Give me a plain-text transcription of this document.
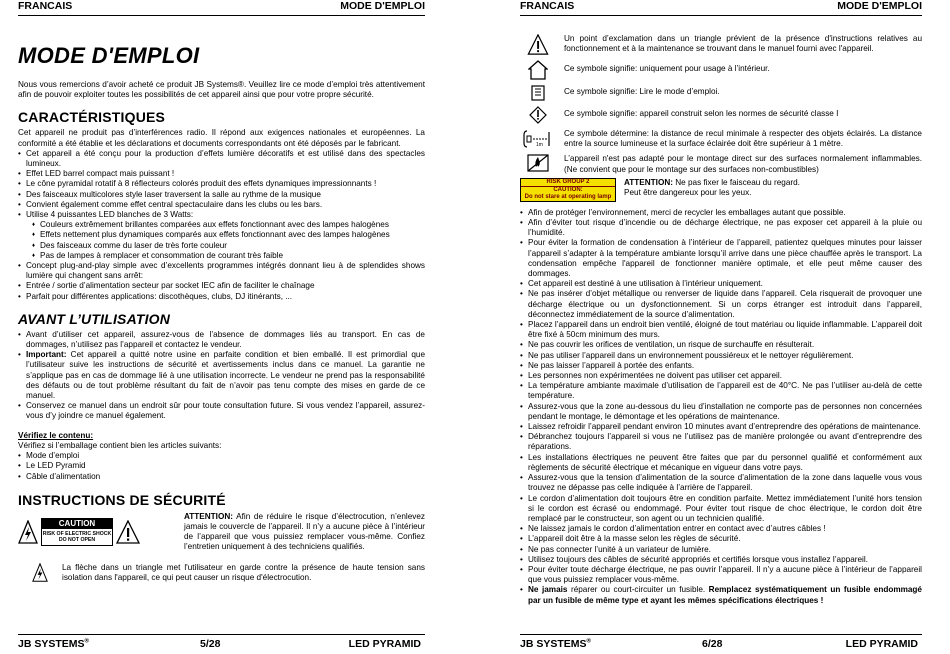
FRANCAIS	MODE D'EMPLOI
MODE D'EMPLOI

Nous vous remercions d’avoir acheté ce produit JB Systems®. Veuillez lire ce mode d’emploi très attentivement afin de pouvoir exploiter toutes les possibilités de cet appareil ainsi que pour votre propre sécurité.

CARACTÉRISTIQUES

Cet appareil ne produit pas d’interférences radio. Il répond aux exigences nationales et européennes. La conformité a été établie et les déclarations et documents correspondants ont été déposés par le fabricant.

• Cet appareil a été conçu pour la production d’effets lumière décoratifs et est utilisé dans des spectacles lumineux.
• Effet LED barrel compact mais puissant !
• Le cône pyramidal rotatif à 8 réflecteurs colorés produit des effets dynamiques impressionnants !
• Des faisceaux multicolores style laser traversent la salle au rythme de la musique
• Convient également comme effet central spectaculaire dans les clubs ou les bars.
• Utilise 4 puissantes LED blanches de 3 Watts:
♦ Couleurs extrêmement brillantes comparées aux effets fonctionnant avec des lampes halogènes
♦ Effets nettement plus dynamiques comparés aux effets fonctionnant avec des lampes halogènes
♦ Des faisceaux comme du laser de très forte couleur
♦ Pas de lampes à remplacer et consommation de courant très faible
• Concept plug-and-play simple avec d’excellents programmes intégrés donnant lieu à de splendides shows lumière qui changent sans arrêt:
• Entrée / sortie d’alimentation secteur par socket IEC afin de faciliter le chaînage
• Parfait pour différentes applications: discothèques, clubs, DJ itinérants, ...
AVANT L’UTILISATION
• Avant d’utiliser cet appareil, assurez-vous de l’absence de dommages liés au transport. En cas de dommages, n’utilisez pas l’appareil et contactez le vendeur.
• Important: Cet appareil a quitté notre usine en parfaite condition et bien emballé. Il est primordial que l’utilisateur suive les instructions de sécurité et avertissements inclus dans ce manuel. La garantie ne s’applique pas en cas de dommage lié à une utilisation incorrecte. Le vendeur ne prend pas la responsabilité des défauts ou de tout problème résultant du fait de n’avoir pas tenu compte des mises en garde de ce manuel.
• Conservez ce manuel dans un endroit sûr pour toute consultation future. Si vous vendez l’appareil, assurez-vous d’y joindre ce manuel également.
Vérifiez le contenu:
Vérifiez si l’emballage contient bien les articles suivants:
• Mode d’emploi
• Le LED Pyramid
• Câble d’alimentation
INSTRUCTIONS DE SÉCURITÉ
CAUTION
RISK OF ELECTRIC SHOCK
DO NOT OPEN

ATTENTION: Afin de réduire le risque d’électrocution, n’enlevez jamais le couvercle de l’appareil. Il n’y a aucune pièce à l’intérieur de l’appareil que vous puissiez remplacer vous-même. Confiez l’entretien uniquement à des techniciens qualifiés.

La flèche dans un triangle met l'utilisateur en garde contre la présence de haute tension sans isolation dans l'appareil, ce qui peut causer un risque d'électrocution.

JB SYSTEMS®	5/28	LED PYRAMID
FRANCAIS	MODE D'EMPLOI
Un point d’exclamation dans un triangle prévient de la présence d'instructions relatives au fonctionnement et à la maintenance se trouvant dans le manuel fourni avec l'appareil.
Ce symbole signifie: uniquement pour usage à l’intérieur.
Ce symbole signifie: Lire le mode d’emploi.
Ce symbole signifie: appareil construit selon les normes de sécurité classe I
1m
Ce symbole détermine: la distance de recul minimale à respecter des objets éclairés. La distance entre la source lumineuse et la surface éclairée doit être supérieur à 1 mètre.
L’appareil n'est pas adapté pour le montage direct sur des surfaces normalement inflammables. (Ne convient que pour le montage sur des surfaces non-combustibles)
RISK GROUP 2
CAUTION:
Do not stare at operating lamp
ATTENTION: Ne pas fixer le faisceau du regard.
Peut être dangereux pour les yeux.
• Afin de protéger l’environnement, merci de recycler les emballages autant que possible.
• Afin d’éviter tout risque d’incendie ou de décharge électrique, ne pas exposer cet appareil à la pluie ou l’humidité.
• Pour éviter la formation de condensation à l’intérieur de l’appareil, patientez quelques minutes pour laisser l’appareil s’adapter à la température ambiante lorsqu’il arrive dans une pièce chauffée après le transport. La condensation empêche l'appareil de fonctionner manière optimale, et elle peut même causer des dommages.
• Cet appareil est destiné à une utilisation à l’intérieur uniquement.
• Ne pas insérer d’objet métallique ou renverser de liquide dans l’appareil. Cela risquerait de provoquer une décharge électrique ou un dysfonctionnement. Si un corps étranger est introduit dans l’appareil, déconnectez immédiatement de la source d’alimentation.
• Placez l’appareil dans un endroit bien ventilé, éloigné de tout matériau ou liquide inflammable. L’appareil doit être fixé à 50cm minimum des murs.
• Ne pas couvrir les orifices de ventilation, un risque de surchauffe en résulterait.
• Ne pas utiliser l’appareil dans un environnement poussiéreux et le nettoyer régulièrement.
• Ne pas laisser l’appareil à portée des enfants.
• Les personnes non expérimentées ne doivent pas utiliser cet appareil.
• La température ambiante maximale d’utilisation de l’appareil est de 40°C. Ne pas l’utiliser au-delà de cette température.
• Assurez-vous que la zone au-dessous du lieu d’installation ne comporte pas de personnes non concernées pendant le montage, le démontage et les opérations de maintenance.
• Laissez refroidir l’appareil pendant environ 10 minutes avant d’entreprendre des opérations de maintenance.
• Débranchez toujours l’appareil si vous ne l’utilisez pas de manière prolongée ou avant d’entreprendre des réparations.
• Les installations électriques ne peuvent être faites que par du personnel qualifié et conformément aux règlements de sécurité électrique et mécanique en vigueur dans votre pays.
• Assurez-vous que la tension d’alimentation de la source d’alimentation de la zone dans laquelle vous vous trouvez ne dépasse pas celle indiquée à l’arrière de l’appareil.
• Le cordon d’alimentation doit toujours être en condition parfaite. Mettez immédiatement l’unité hors tension si le cordon est écrasé ou endommagé. Pour éviter tout risque de choc électrique, le cordon doit être remplacé par le constructeur, son agent ou un technicien qualifié.
• Ne laissez jamais le cordon d’alimentation entrer en contact avec d’autres câbles !
• L’appareil doit être à la masse selon les règles de sécurité.
• Ne pas connecter l’unité à un variateur de lumière.
• Utilisez toujours des câbles de sécurité appropriés et certifiés lorsque vous installez l’appareil.
• Pour éviter toute décharge électrique, ne pas ouvrir l’appareil. Il n’y a aucune pièce à l’intérieur de l’appareil que vous puissiez remplacer vous-même.
• Ne jamais réparer ou court-circuiter un fusible. Remplacez systématiquement un fusible endommagé par un fusible de même type et ayant les mêmes spécifications électriques !
JB SYSTEMS®	6/28	LED PYRAMID
